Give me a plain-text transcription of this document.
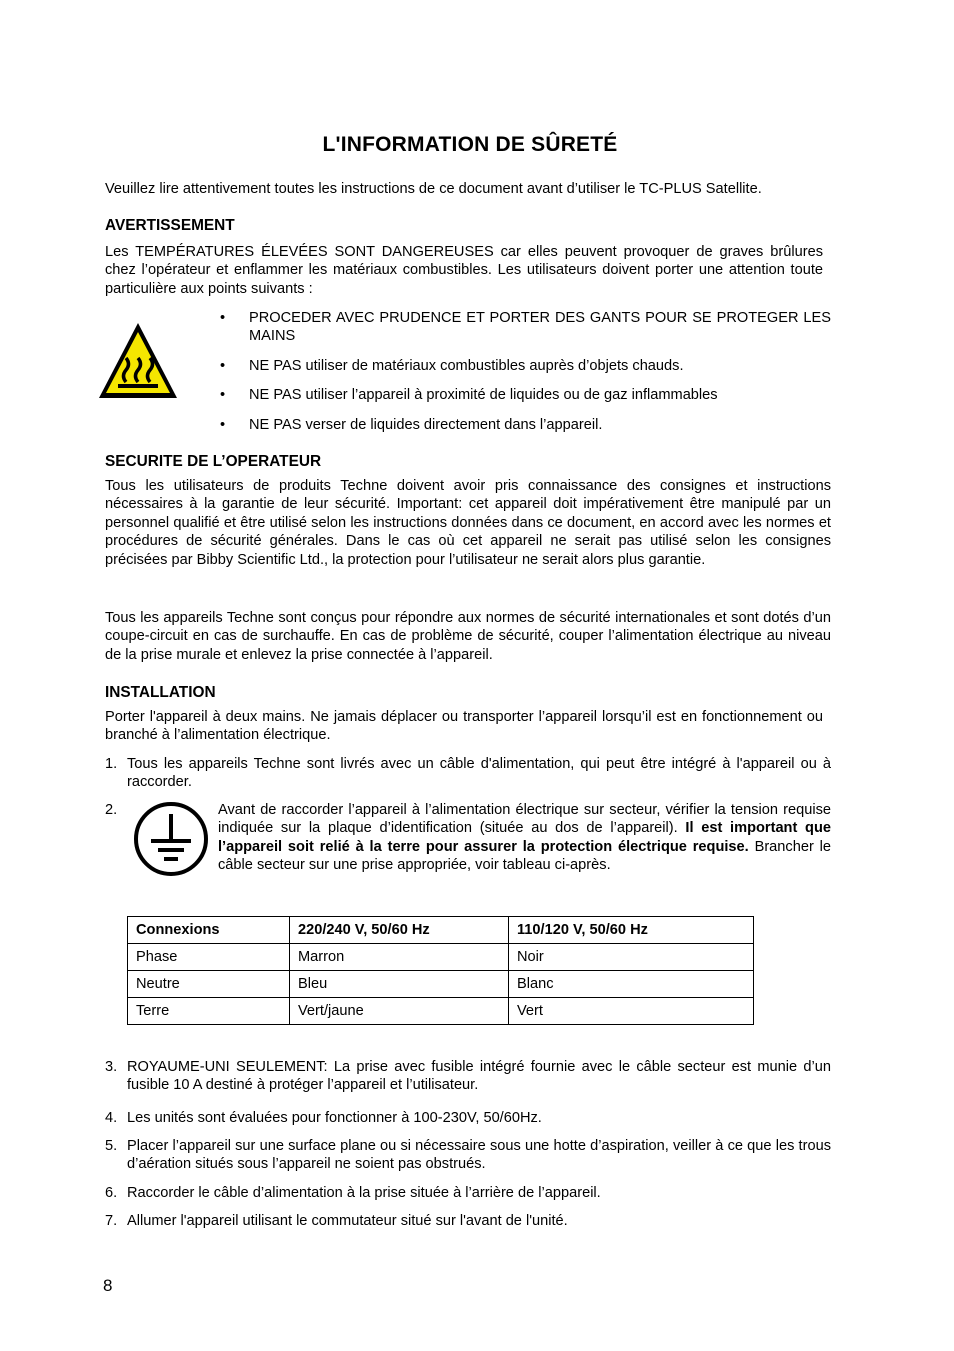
L'INFORMATION DE SÛRETÉ
Veuillez lire attentivement toutes les instructions de ce document avant d’utiliser le TC-PLUS Satellite.
AVERTISSEMENT
Les TEMPÉRATURES ÉLEVÉES SONT DANGEREUSES car elles peuvent provoquer de graves brûlures chez l’opérateur et enflammer les matériaux combustibles. Les utilisateurs doivent porter une attention toute particulière aux points suivants :
• PROCEDER AVEC PRUDENCE ET PORTER DES GANTS POUR SE PROTEGER LES MAINS
• NE PAS utiliser de matériaux combustibles auprès d’objets chauds.
• NE PAS utiliser l’appareil à proximité de liquides ou de gaz inflammables
• NE PAS verser de liquides directement dans l’appareil.
SECURITE DE L’OPERATEUR
Tous les utilisateurs de produits Techne doivent avoir pris connaissance des consignes et instructions nécessaires à la garantie de leur sécurité. Important: cet appareil doit impérativement être manipulé par un personnel qualifié et être utilisé selon les instructions données dans ce document, en accord avec les normes et procédures de sécurité générales. Dans le cas où cet appareil ne serait pas utilisé selon les consignes précisées par Bibby Scientific Ltd., la protection pour l’utilisateur ne serait alors plus garantie.
Tous les appareils Techne sont conçus pour répondre aux normes de sécurité internationales et sont dotés d’un coupe-circuit en cas de surchauffe. En cas de problème de sécurité, couper l’alimentation électrique au niveau de la prise murale et enlevez la prise connectée à l’appareil.
INSTALLATION
Porter l'appareil à deux mains. Ne jamais déplacer ou transporter l’appareil lorsqu’il est en fonctionnement ou branché à l’alimentation électrique.
1. Tous les appareils Techne sont livrés avec un câble d'alimentation, qui peut être intégré à l'appareil ou à raccorder.
2.	Avant de raccorder l’appareil à l’alimentation électrique sur secteur, vérifier la tension requise indiquée sur la plaque d’identification (située au dos de l’appareil). Il est important que l’appareil soit relié à la terre pour assurer la protection électrique requise. Brancher le câble secteur sur une prise appropriée, voir tableau ci-après.
Connexions	220/240 V, 50/60 Hz	110/120 V, 50/60 Hz
Phase	Marron	Noir
Neutre	Bleu	Blanc
Terre	Vert/jaune	Vert
3. ROYAUME-UNI SEULEMENT: La prise avec fusible intégré fournie avec le câble secteur est munie d’un fusible 10 A destiné à protéger l’appareil et l’utilisateur.
4. Les unités sont évaluées pour fonctionner à 100-230V, 50/60Hz.
5. Placer l’appareil sur une surface plane ou si nécessaire sous une hotte d’aspiration, veiller à ce que les trous d’aération situés sous l’appareil ne soient pas obstrués.
6. Raccorder le câble d’alimentation à la prise située à l’arrière de l’appareil.
7. Allumer l'appareil utilisant le commutateur situé sur l'avant de l'unité.
8
